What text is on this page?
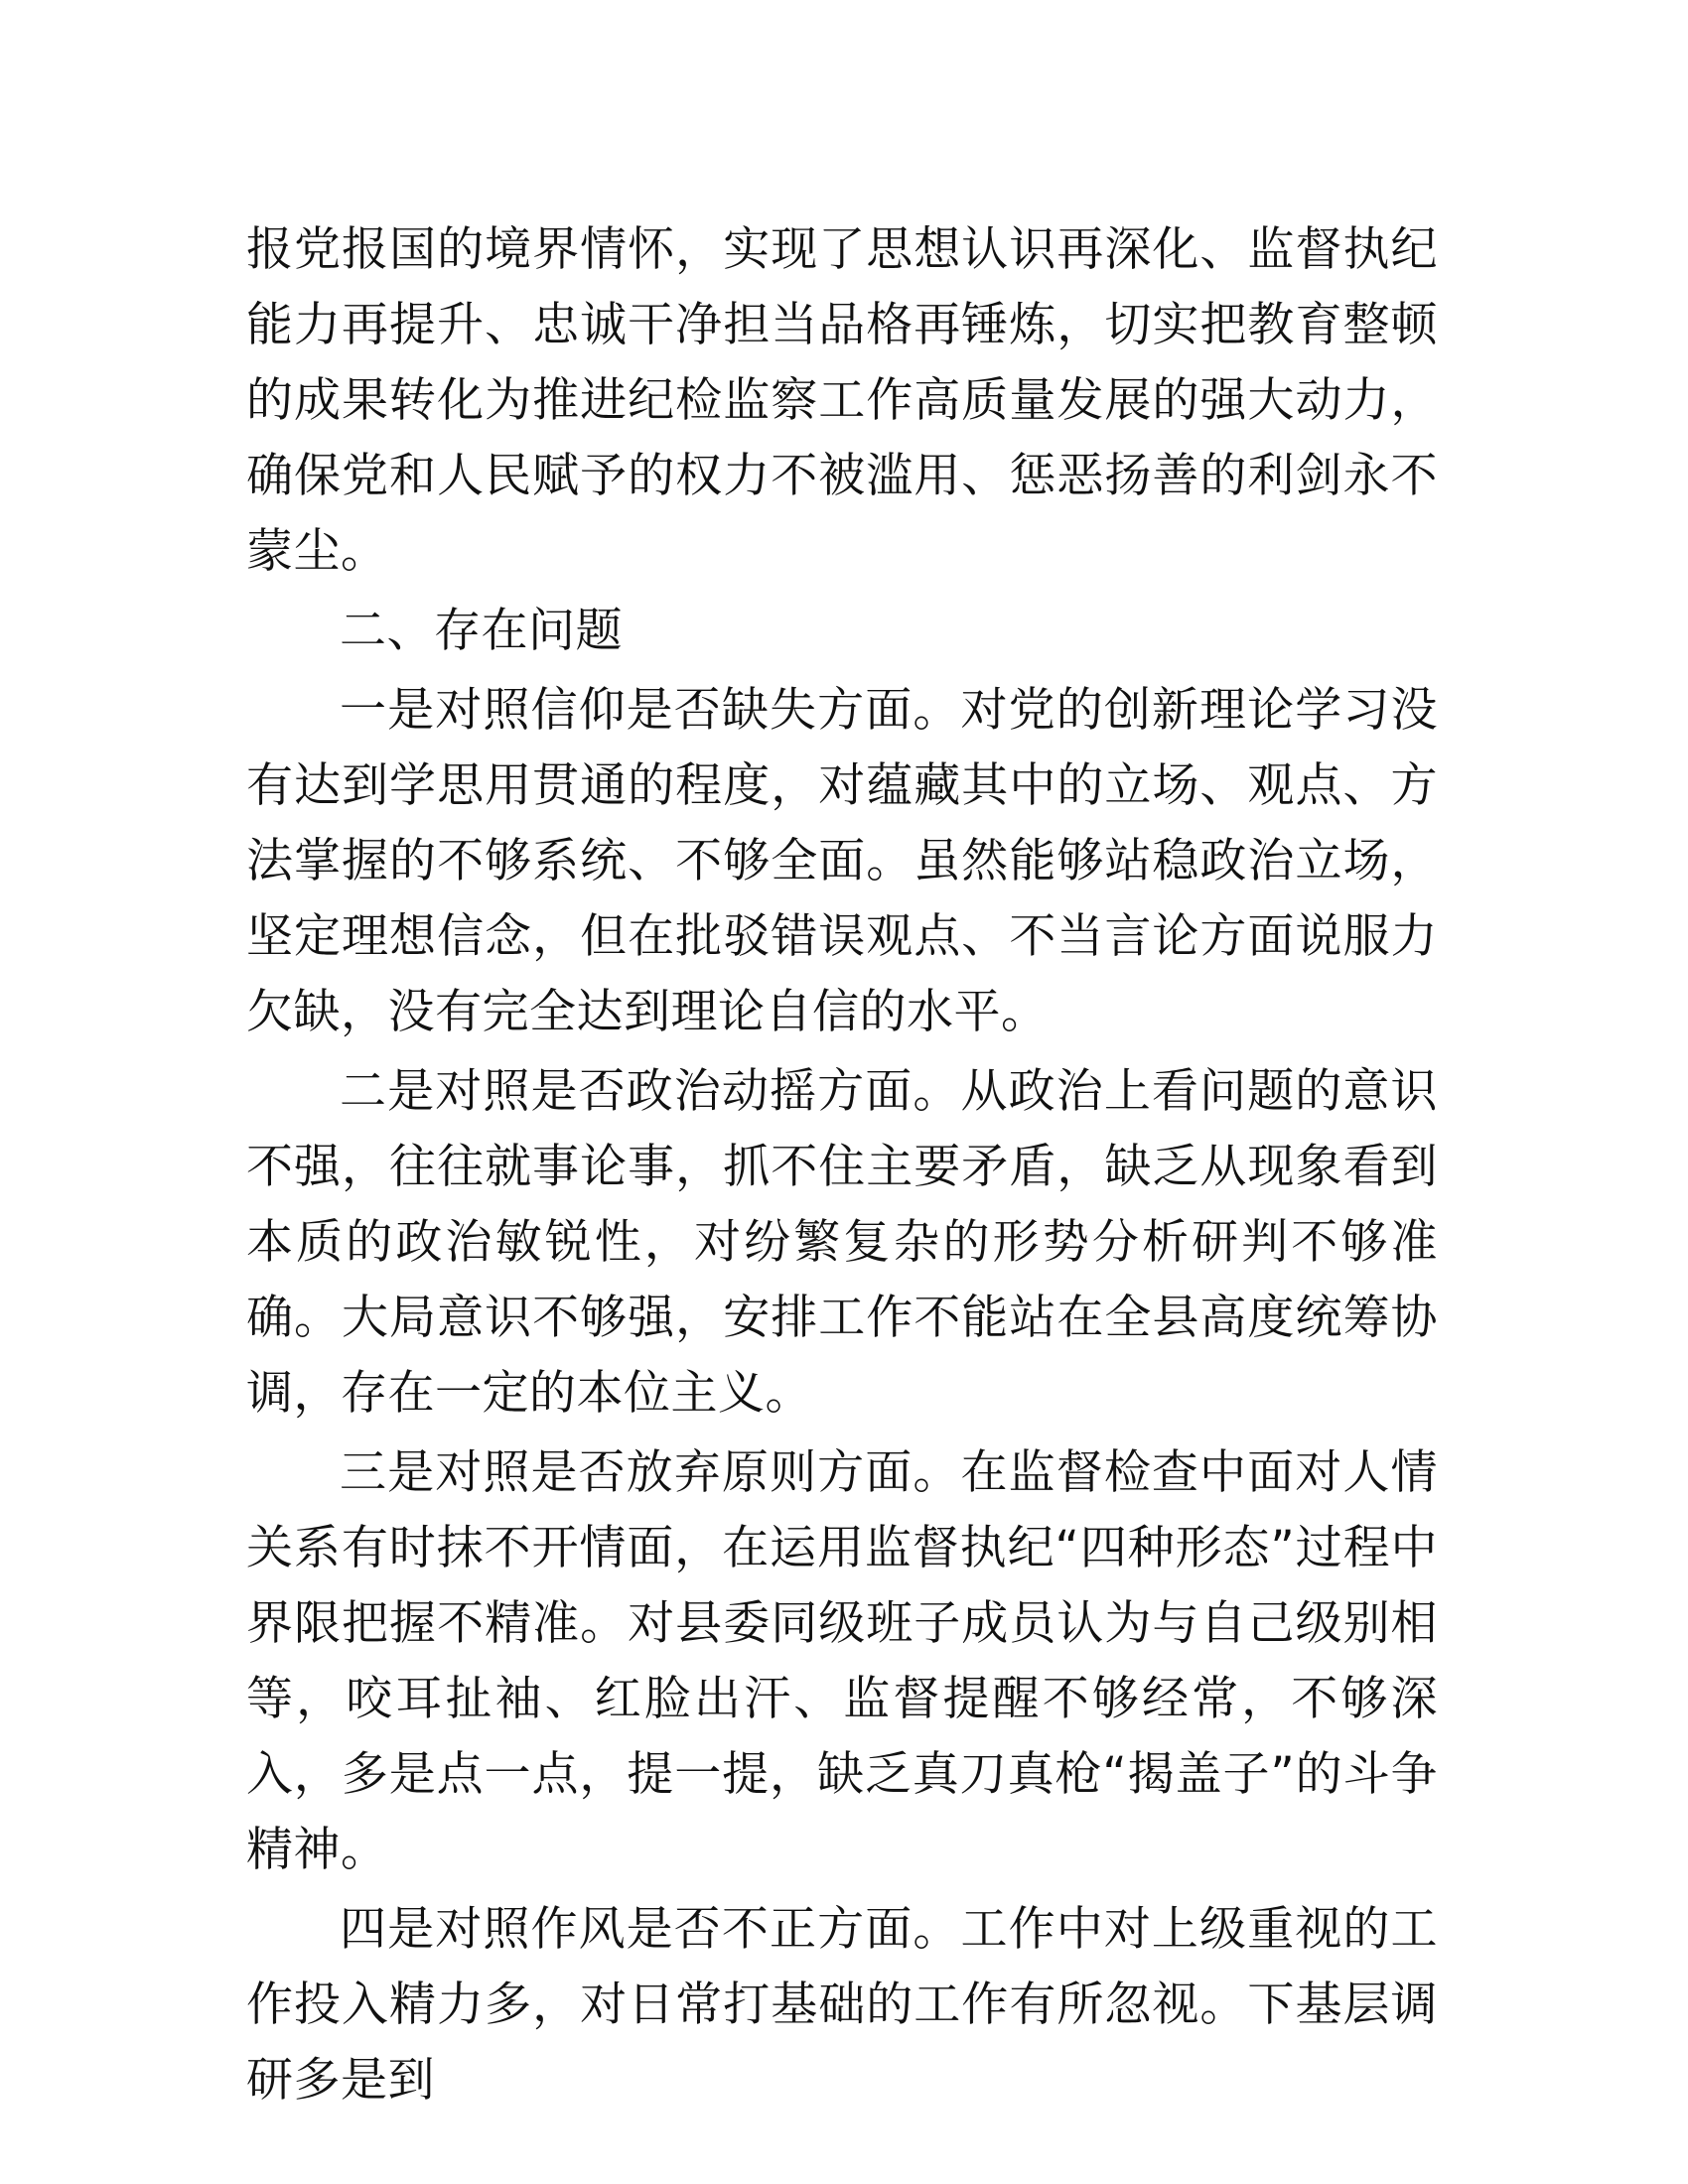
报党报国的境界情怀，实现了思想认识再深化、监督执纪能力再提升、忠诚干净担当品格再锤炼，切实把教育整顿的成果转化为推进纪检监察工作高质量发展的强大动力，确保党和人民赋予的权力不被滥用、惩恶扬善的利剑永不蒙尘。

二、存在问题

一是对照信仰是否缺失方面。对党的创新理论学习没有达到学思用贯通的程度，对蕴藏其中的立场、观点、方法掌握的不够系统、不够全面。虽然能够站稳政治立场，坚定理想信念，但在批驳错误观点、不当言论方面说服力欠缺，没有完全达到理论自信的水平。

二是对照是否政治动摇方面。从政治上看问题的意识不强，往往就事论事，抓不住主要矛盾，缺乏从现象看到本质的政治敏锐性，对纷繁复杂的形势分析研判不够准确。大局意识不够强，安排工作不能站在全县高度统筹协调，存在一定的本位主义。

三是对照是否放弃原则方面。在监督检查中面对人情关系有时抹不开情面，在运用监督执纪“四种形态”过程中界限把握不精准。对县委同级班子成员认为与自己级别相等，咬耳扯袖、红脸出汗、监督提醒不够经常，不够深入，多是点一点，提一提，缺乏真刀真枪“揭盖子”的斗争精神。

四是对照作风是否不正方面。工作中对上级重视的工作投入精力多，对日常打基础的工作有所忽视。下基层调研多是到
